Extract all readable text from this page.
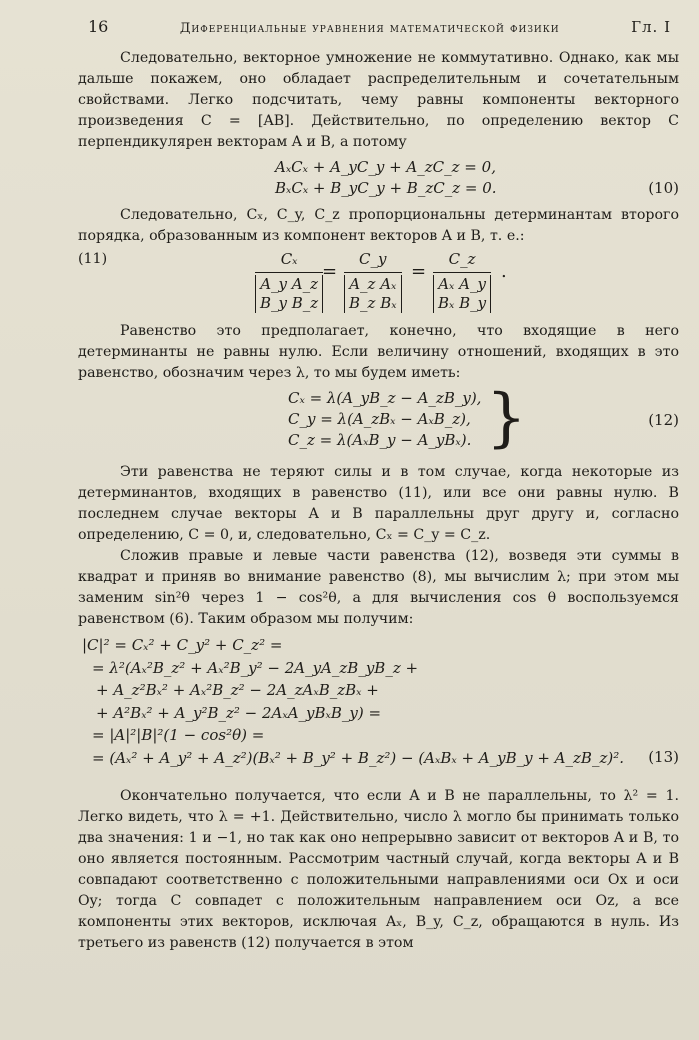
16	Диференциальные уравнения математической физики	Гл. I

Следовательно, векторное умножение не коммутативно. Однако, как мы дальше покажем, оно обладает распределительным и сочетательным свойствами. Легко подсчитать, чему равны компоненты векторного произведения C = [AB]. Действительно, по определению вектор C перпендикулярен векторам A и B, а потому

AₓCₓ + A_yC_y + A_zC_z = 0,
BₓCₓ + B_yC_y + B_zC_z = 0.	(10)

Следовательно, Cₓ, C_y, C_z пропорциональны детерминантам второго порядка, образованным из компонент векторов A и B, т. е.:

Cₓ
A_y A_z
B_y B_z
=
C_y
A_z Aₓ
B_z Bₓ
=
C_z
Aₓ A_y
Bₓ B_y
.
(11)

Равенство это предполагает, конечно, что входящие в него детерминанты не равны нулю. Если величину отношений, входящих в это равенство, обозначим через λ, то мы будем иметь:

Cₓ = λ(A_yB_z − A_zB_y),
C_y = λ(A_zBₓ − AₓB_z),
C_z = λ(AₓB_y − A_yBₓ). }	(12)

Эти равенства не теряют силы и в том случае, когда некоторые из детерминантов, входящих в равенство (11), или все они равны нулю. В последнем случае векторы A и B параллельны друг другу и, согласно определению, C = 0, и, следовательно, Cₓ = C_y = C_z.

Сложив правые и левые части равенства (12), возведя эти суммы в квадрат и приняв во внимание равенство (8), мы вычислим λ; при этом мы заменим sin²θ через 1 − cos²θ, а для вычисления cos θ воспользуемся равенством (6). Таким образом мы получим:

|C|² = Cₓ² + C_y² + C_z² =
= λ²(Aₓ²B_z² + Aₓ²B_y² − 2A_yA_zB_yB_z +
+ A_z²Bₓ² + Aₓ²B_z² − 2A_zAₓB_zBₓ +
+ A²Bₓ² + A_y²B_z² − 2AₓA_yBₓB_y) =
= |A|²|B|²(1 − cos²θ) =
= (Aₓ² + A_y² + A_z²)(Bₓ² + B_y² + B_z²) − (AₓBₓ + A_yB_y + A_zB_z)².	(13)

Окончательно получается, что если A и B не параллельны, то λ² = 1. Легко видеть, что λ = +1. Действительно, число λ могло бы принимать только два значения: 1 и −1, но так как оно непрерывно зависит от векторов A и B, то оно является постоянным. Рассмотрим частный случай, когда векторы A и B совпадают соответственно с положительными направлениями оси Ox и оси Oy; тогда C совпадет с положительным направлением оси Oz, а все компоненты этих векторов, исключая Aₓ, B_y, C_z, обращаются в нуль. Из третьего из равенств (12) получается в этом
